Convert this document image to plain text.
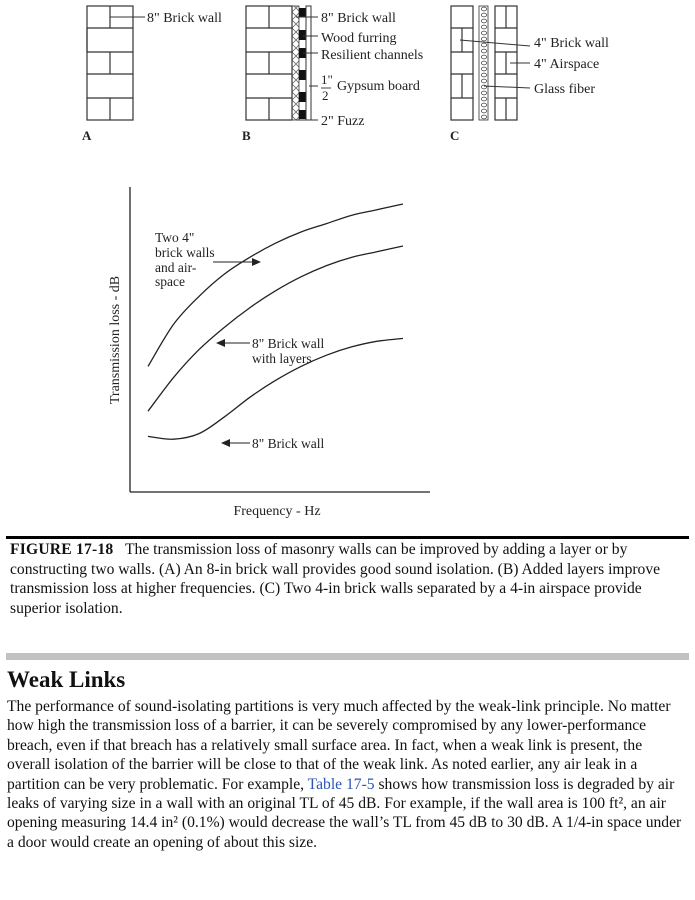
8" Brick wall
A
8" Brick wall
Wood furring
Resilient channels
1"
2
Gypsum board
2" Fuzz
B
4" Brick wall
4" Airspace
Glass fiber
C
Frequency - Hz
Transmission loss - dB
Two 4" brick walls and air- space
8" Brick wall with layers
8" Brick wall

FIGURE 17-18 The transmission loss of masonry walls can be improved by adding a layer or by constructing two walls. (A) An 8-in brick wall provides good sound isolation. (B) Added layers improve transmission loss at higher frequencies. (C) Two 4-in brick walls separated by a 4-in airspace provide superior isolation.

Weak Links

The performance of sound-isolating partitions is very much affected by the weak-link principle. No matter how high the transmission loss of a barrier, it can be severely compromised by any lower-performance breach, even if that breach has a relatively small surface area. In fact, when a weak link is present, the overall isolation of the barrier will be close to that of the weak link. As noted earlier, any air leak in a partition can be very problematic. For example, Table 17-5 shows how transmission loss is degraded by air leaks of varying size in a wall with an original TL of 45 dB. For example, if the wall area is 100 ft², an air opening measuring 14.4 in² (0.1%) would decrease the wall’s TL from 45 dB to 30 dB. A 1/4-in space under a door would create an opening of about this size.
